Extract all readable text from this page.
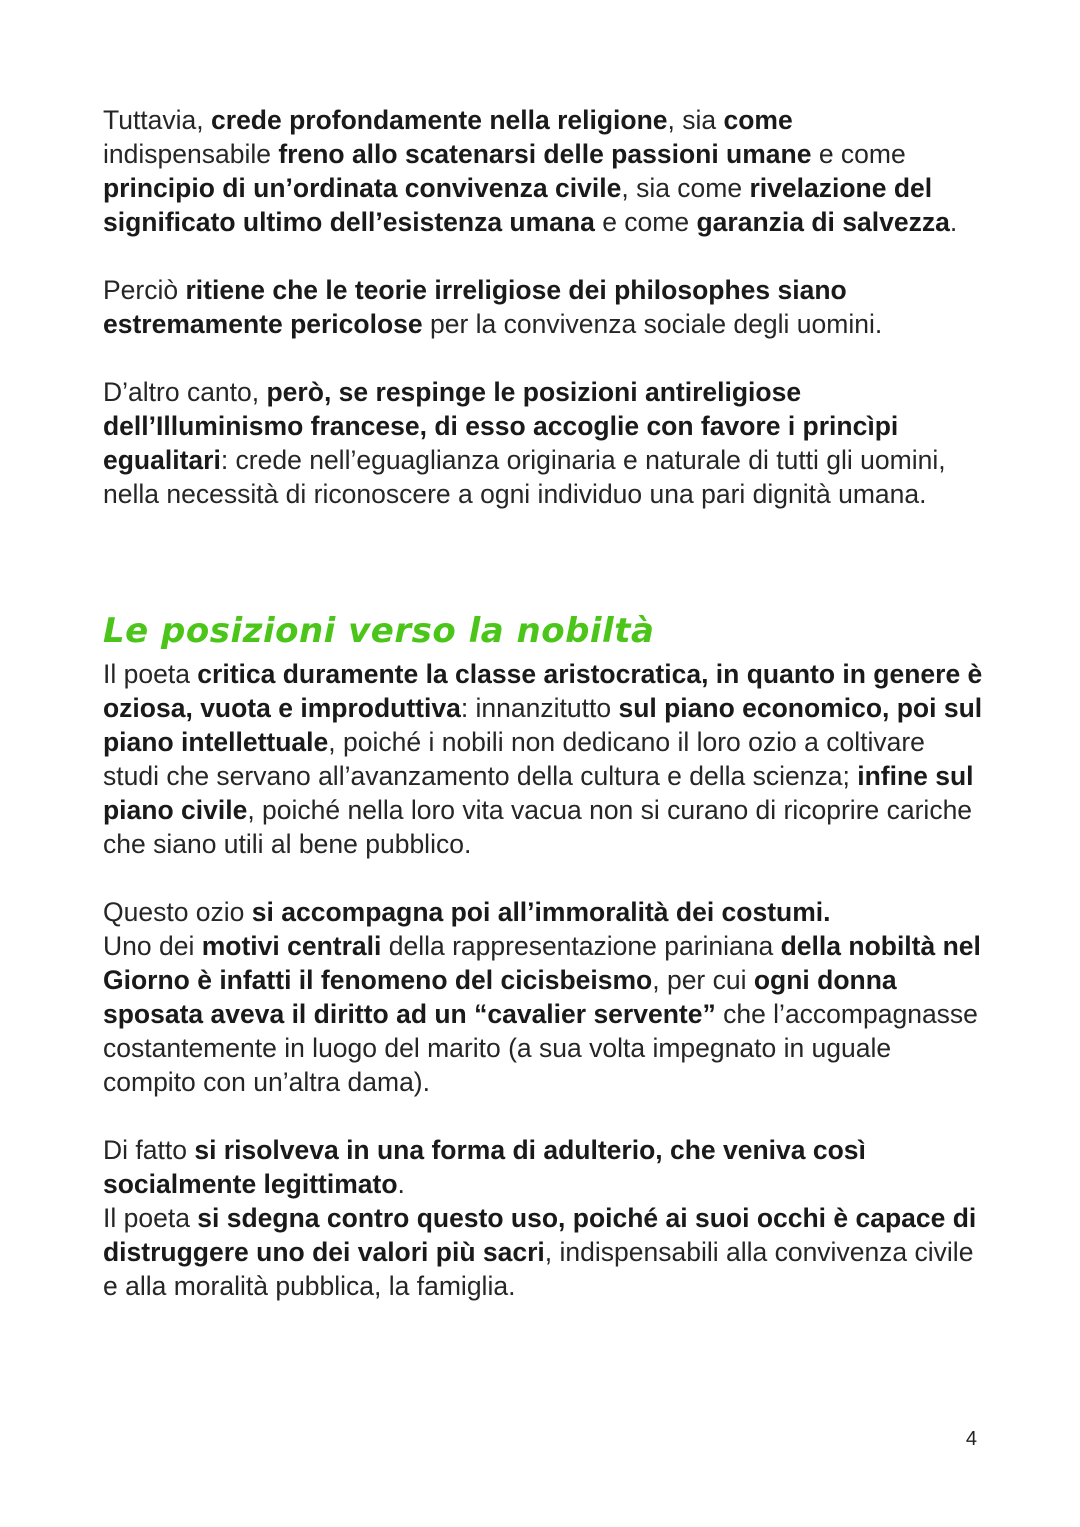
Tuttavia, crede profondamente nella religione, sia come
indispensabile freno allo scatenarsi delle passioni umane e come principio di un’ordinata convivenza civile, sia come rivelazione del significato ultimo dell’esistenza umana e come garanzia di salvezza.

Perciò ritiene che le teorie irreligiose dei philosophes siano estremamente pericolose per la convivenza sociale degli uomini.

D’altro canto, però, se respinge le posizioni antireligiose dell’Illuminismo francese, di esso accoglie con favore i princìpi egualitari: crede nell’eguaglianza originaria e naturale di tutti gli uomini, nella necessità di riconoscere a ogni individuo una pari dignità umana.

Le posizioni verso la nobiltà

Il poeta critica duramente la classe aristocratica, in quanto in genere è oziosa, vuota e improduttiva: innanzitutto sul piano economico, poi sul piano intellettuale, poiché i nobili non dedicano il loro ozio a coltivare studi che servano all’avanzamento della cultura e della scienza; infine sul piano civile, poiché nella loro vita vacua non si curano di ricoprire cariche che siano utili al bene pubblico.

Questo ozio si accompagna poi all’immoralità dei costumi.
Uno dei motivi centrali della rappresentazione pariniana della nobiltà nel Giorno è infatti il fenomeno del cicisbeismo, per cui ogni donna sposata aveva il diritto ad un “cavalier servente” che l’accompagnasse costantemente in luogo del marito (a sua volta impegnato in uguale compito con un’altra dama).

Di fatto si risolveva in una forma di adulterio, che veniva così socialmente legittimato.
Il poeta si sdegna contro questo uso, poiché ai suoi occhi è capace di distruggere uno dei valori più sacri, indispensabili alla convivenza civile e alla moralità pubblica, la famiglia.

4
